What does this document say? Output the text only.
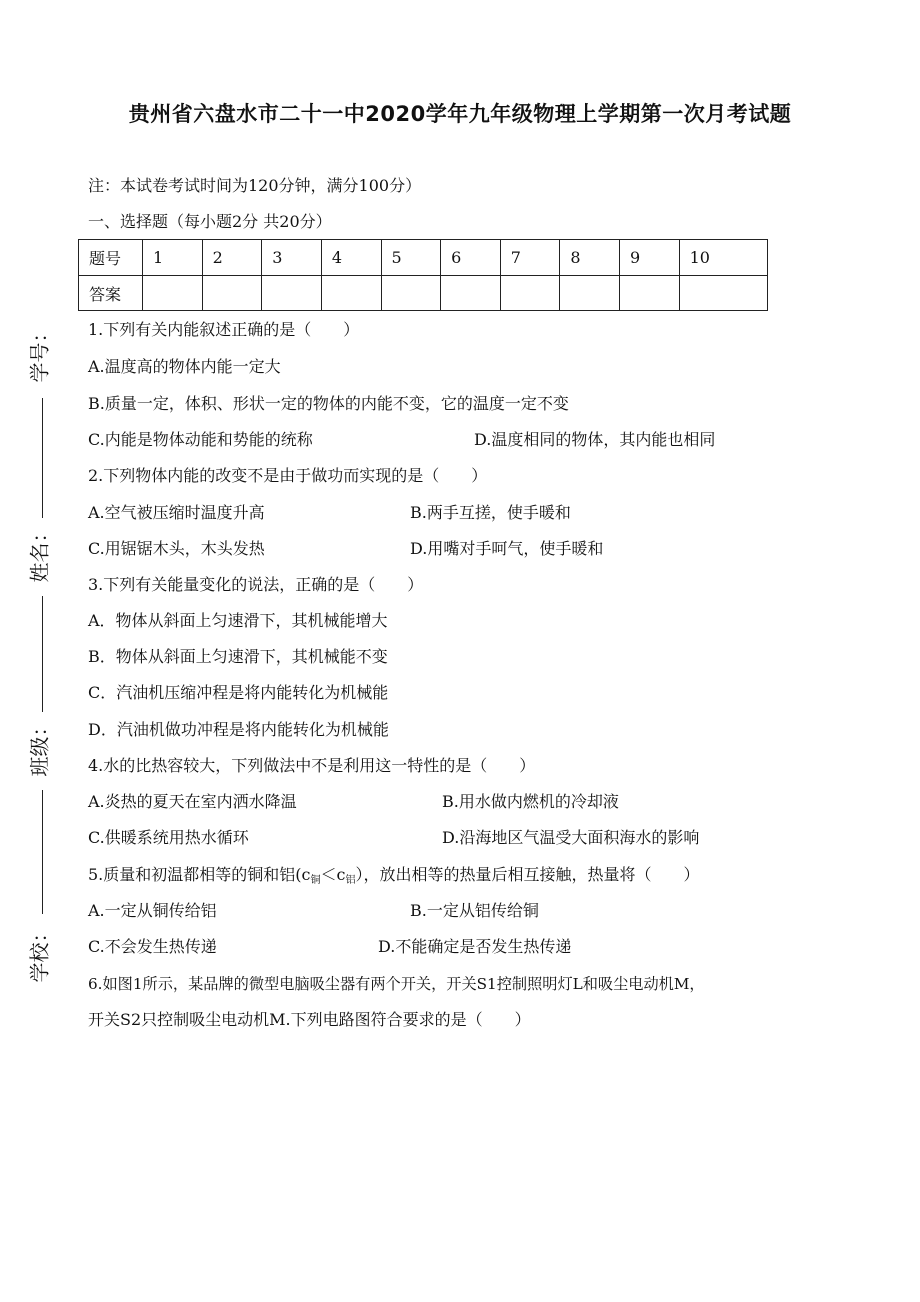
贵州省六盘水市二十一中2020学年九年级物理上学期第一次月考试题
注：本试卷考试时间为120分钟，满分100分）
一、选择题（每小题2分 共20分）
题号	1	2	3	4	5	6	7	8	9	10
答案										
学号：
姓名：
班级：
学校：
1.下列有关内能叙述正确的是（　　）
A.温度高的物体内能一定大
B.质量一定，体积、形状一定的物体的内能不变，它的温度一定不变
C.内能是物体动能和势能的统称	D.温度相同的物体，其内能也相同
2.下列物体内能的改变不是由于做功而实现的是（　　）
A.空气被压缩时温度升高	B.两手互搓，使手暖和
C.用锯锯木头，木头发热	D.用嘴对手呵气，使手暖和
3.下列有关能量变化的说法，正确的是（　　）
A．物体从斜面上匀速滑下，其机械能增大
B．物体从斜面上匀速滑下，其机械能不变
C．汽油机压缩冲程是将内能转化为机械能
D．汽油机做功冲程是将内能转化为机械能
4.水的比热容较大，下列做法中不是利用这一特性的是（　　）
A.炎热的夏天在室内洒水降温	B.用水做内燃机的冷却液
C.供暖系统用热水循环	D.沿海地区气温受大面积海水的影响
5.质量和初温都相等的铜和铝$(c_铜<c_铝)$，放出相等的热量后相互接触，热量将（　　）
A.一定从铜传给铝	B.一定从铝传给铜
C.不会发生热传递	D.不能确定是否发生热传递
6.如图1所示，某品牌的微型电脑吸尘器有两个开关，开关S1控制照明灯L和吸尘电动机M，
开关S2只控制吸尘电动机M.下列电路图符合要求的是（　　）
